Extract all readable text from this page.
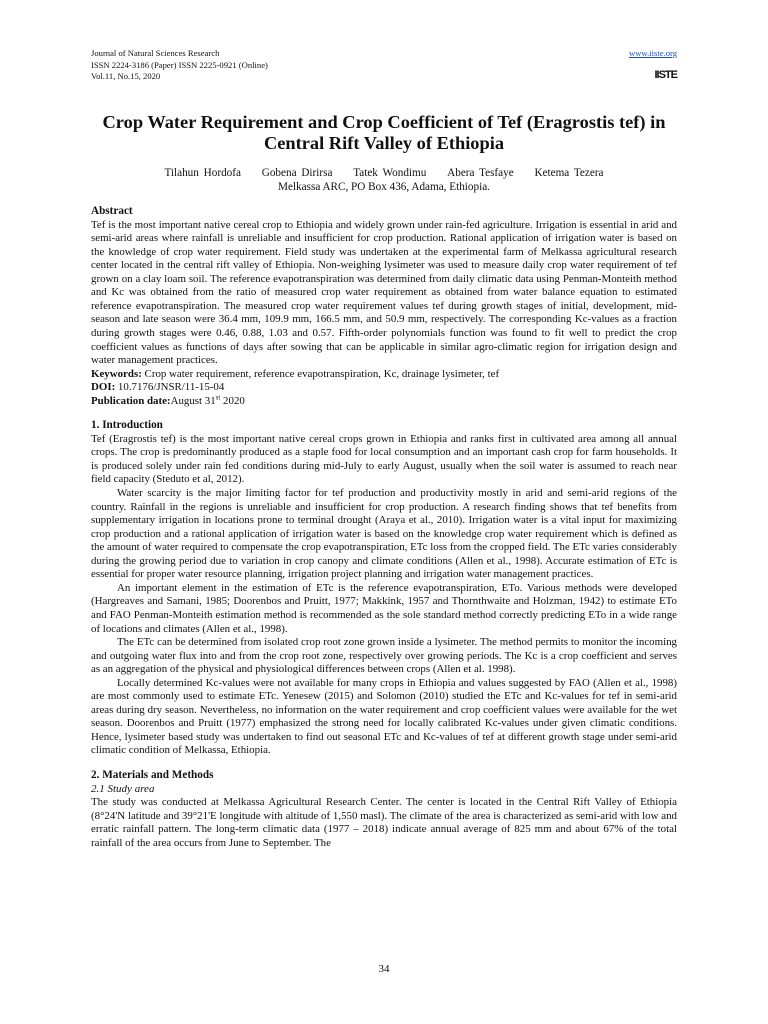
Journal of Natural Sciences Research
ISSN 2224-3186 (Paper) ISSN 2225-0921 (Online)
Vol.11, No.15, 2020
www.iiste.org
IISTE
Crop Water Requirement and Crop Coefficient of Tef (Eragrostis tef) in Central Rift Valley of Ethiopia
Tilahun Hordofa Gobena Dirirsa Tatek Wondimu Abera Tesfaye Ketema Tezera
Melkassa ARC, PO Box 436, Adama, Ethiopia.
Abstract

Tef is the most important native cereal crop to Ethiopia and widely grown under rain-fed agriculture. Irrigation is essential in arid and semi-arid areas where rainfall is unreliable and insufficient for crop production. Rational application of irrigation water is based on the knowledge of crop water requirement. Field study was undertaken at the experimental farm of Melkassa agricultural research center located in the central rift valley of Ethiopia. Non-weighing lysimeter was used to measure daily crop water requirement of tef grown on a clay loam soil. The reference evapotranspiration was determined from daily climatic data using Penman-Monteith method and Kc was obtained from the ratio of measured crop water requirement as obtained from water balance equation to estimated reference evapotranspiration. The measured crop water requirement values tef during growth stages of initial, development, mid-season and late season were 36.4 mm, 109.9 mm, 166.5 mm, and 50.9 mm, respectively. The corresponding Kc-values as a fraction during growth stages were 0.46, 0.88, 1.03 and 0.57. Fifth-order polynomials function was found to fit well to predict the crop coefficient values as functions of days after sowing that can be applicable in similar agro-climatic region for irrigation design and water management practices.

Keywords: Crop water requirement, reference evapotranspiration, Kc, drainage lysimeter, tef

DOI: 10.7176/JNSR/11-15-04

Publication date:August 31st 2020

1. Introduction

Tef (Eragrostis tef) is the most important native cereal crops grown in Ethiopia and ranks first in cultivated area among all annual crops. The crop is predominantly produced as a staple food for local consumption and an important cash crop for farm households. It is produced solely under rain fed conditions during mid-July to early August, usually when the soil water is assumed to reach near field capacity (Steduto et al, 2012).

Water scarcity is the major limiting factor for tef production and productivity mostly in arid and semi-arid regions of the country. Rainfall in the regions is unreliable and insufficient for crop production. A research finding shows that tef benefits from supplementary irrigation in locations prone to terminal drought (Araya et al., 2010). Irrigation water is a vital input for maximizing crop production and a rational application of irrigation water is based on the knowledge crop water requirement which is defined as the amount of water required to compensate the crop evapotranspiration, ETc loss from the cropped field. The ETc varies considerably during the growing period due to variation in crop canopy and climate conditions (Allen et al., 1998). Accurate estimation of ETc is essential for proper water resource planning, irrigation project planning and irrigation water management practices.

An important element in the estimation of ETc is the reference evapotranspiration, ETo. Various methods were developed (Hargreaves and Samani, 1985; Doorenbos and Pruitt, 1977; Makkink, 1957 and Thornthwaite and Holzman, 1942) to estimate ETo and FAO Penman-Monteith estimation method is recommended as the sole standard method correctly predicting ETo in a wide range of locations and climates (Allen et al., 1998).

The ETc can be determined from isolated crop root zone grown inside a lysimeter. The method permits to monitor the incoming and outgoing water flux into and from the crop root zone, respectively over growing periods. The Kc is a crop coefficient and serves as an aggregation of the physical and physiological differences between crops (Allen et al. 1998).

Locally determined Kc-values were not available for many crops in Ethiopia and values suggested by FAO (Allen et al., 1998) are most commonly used to estimate ETc. Yenesew (2015) and Solomon (2010) studied the ETc and Kc-values for tef in semi-arid areas during dry season. Nevertheless, no information on the water requirement and crop coefficient values were available for the wet season. Doorenbos and Pruitt (1977) emphasized the strong need for locally calibrated Kc-values under given climatic conditions. Hence, lysimeter based study was undertaken to find out seasonal ETc and Kc-values of tef at different growth stage under semi-arid climatic condition of Melkassa, Ethiopia.

2. Materials and Methods
2.1 Study area

The study was conducted at Melkassa Agricultural Research Center. The center is located in the Central Rift Valley of Ethiopia (8°24'N latitude and 39°21'E longitude with altitude of 1,550 masl). The climate of the area is characterized as semi-arid with low and erratic rainfall pattern. The long-term climatic data (1977 – 2018) indicate annual average of 825 mm and about 67% of the total rainfall of the area occurs from June to September. The

34
